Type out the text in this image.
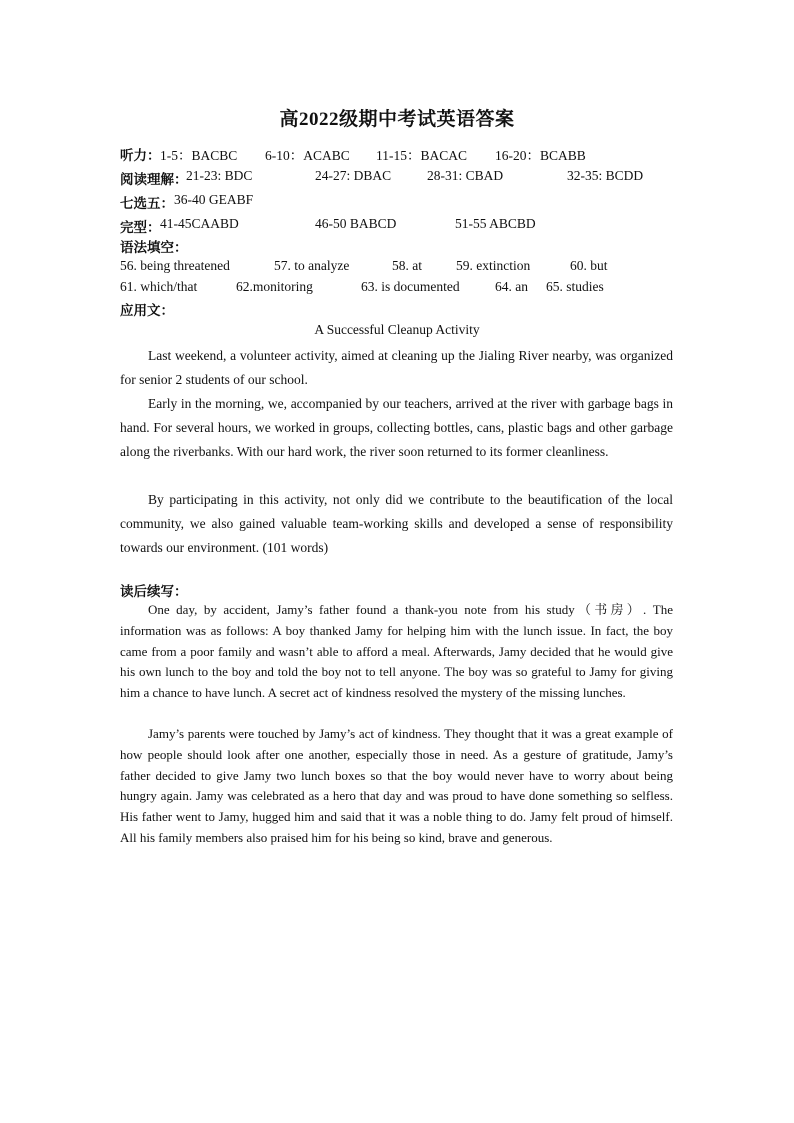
高2022级期中考试英语答案
听力： 1-5：BACBC 6-10：ACABC 11-15：BACAC 16-20：BCABB
阅读理解：
21-23: BDC	24-27: DBAC	28-31: CBAD	32-35: BCDD
七选五： 36-40 GEABF
完型： 41-45CAABD	46-50 BABCD	51-55 ABCBD
语法填空：
56. being threatened	57. to analyze	58. at	59. extinction	60. but
61. which/that	62.monitoring	63. is documented	64. an 65. studies
应用文：
A Successful Cleanup Activity
Last weekend, a volunteer activity, aimed at cleaning up the Jialing River nearby, was organized for senior 2 students of our school.
Early in the morning, we, accompanied by our teachers, arrived at the river with garbage bags in hand. For several hours, we worked in groups, collecting bottles, cans, plastic bags and other garbage along the riverbanks. With our hard work, the river soon returned to its former cleanliness.
By participating in this activity, not only did we contribute to the beautification of the local community, we also gained valuable team-working skills and developed a sense of responsibility towards our environment. (101 words)
读后续写：
One day, by accident, Jamy’s father found a thank-you note from his study（书房）. The information was as follows: A boy thanked Jamy for helping him with the lunch issue. In fact, the boy came from a poor family and wasn’t able to afford a meal. Afterwards, Jamy decided that he would give his own lunch to the boy and told the boy not to tell anyone. The boy was so grateful to Jamy for giving him a chance to have lunch. A secret act of kindness resolved the mystery of the missing lunches.
Jamy’s parents were touched by Jamy’s act of kindness. They thought that it was a great example of how people should look after one another, especially those in need. As a gesture of gratitude, Jamy’s father decided to give Jamy two lunch boxes so that the boy would never have to worry about being hungry again. Jamy was celebrated as a hero that day and was proud to have done something so selfless. His father went to Jamy, hugged him and said that it was a noble thing to do. Jamy felt proud of himself. All his family members also praised him for his being so kind, brave and generous.
